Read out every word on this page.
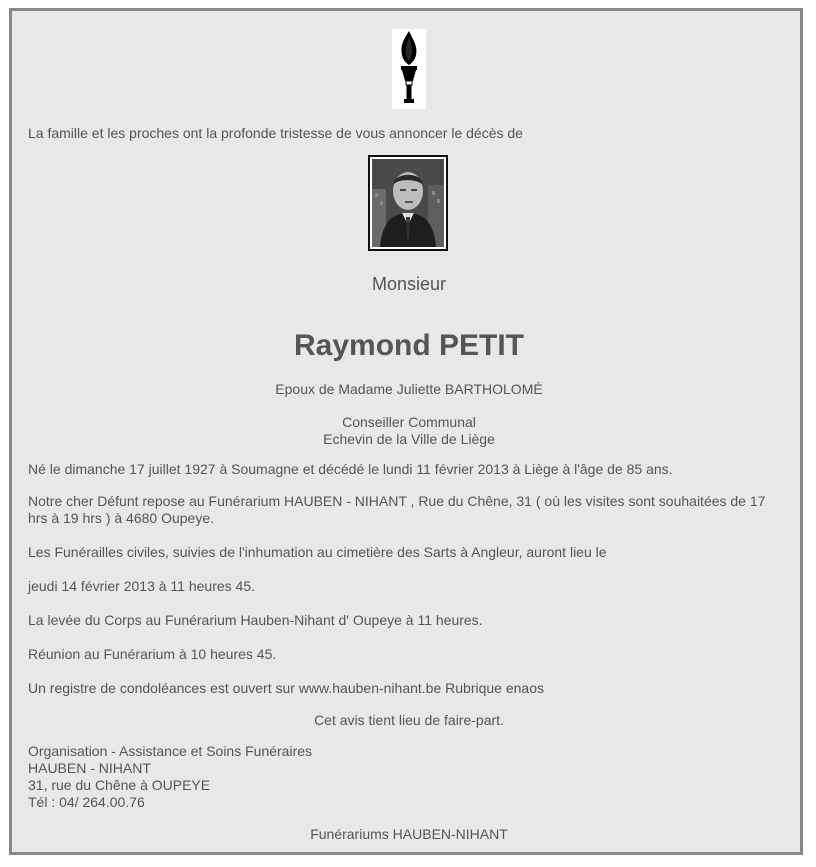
La famille et les proches ont la profonde tristesse de vous annoncer le décès de

Monsieur
Raymond PETIT
Epoux de Madame Juliette BARTHOLOMÉ
Conseiller Communal
Echevin de la Ville de Liège

Né le dimanche 17 juillet 1927 à Soumagne et décédé le lundi 11 février 2013 à Liège à l'âge de 85 ans.

Notre cher Défunt repose au Funérarium HAUBEN - NIHANT , Rue du Chêne, 31 ( où les visites sont souhaitées de 17 hrs à 19 hrs ) à 4680 Oupeye.

Les Funérailles civiles, suivies de l'inhumation au cimetière des Sarts à Angleur, auront lieu le

jeudi 14 février 2013 à 11 heures 45.

La levée du Corps au Funérarium Hauben-Nihant d' Oupeye à 11 heures.

Réunion au Funérarium à 10 heures 45.

Un registre de condoléances est ouvert sur www.hauben-nihant.be Rubrique enaos

Cet avis tient lieu de faire-part.

Organisation - Assistance et Soins Funéraires

HAUBEN - NIHANT

31, rue du Chêne à OUPEYE

Tél : 04/ 264.00.76

Funérariums HAUBEN-NIHANT
